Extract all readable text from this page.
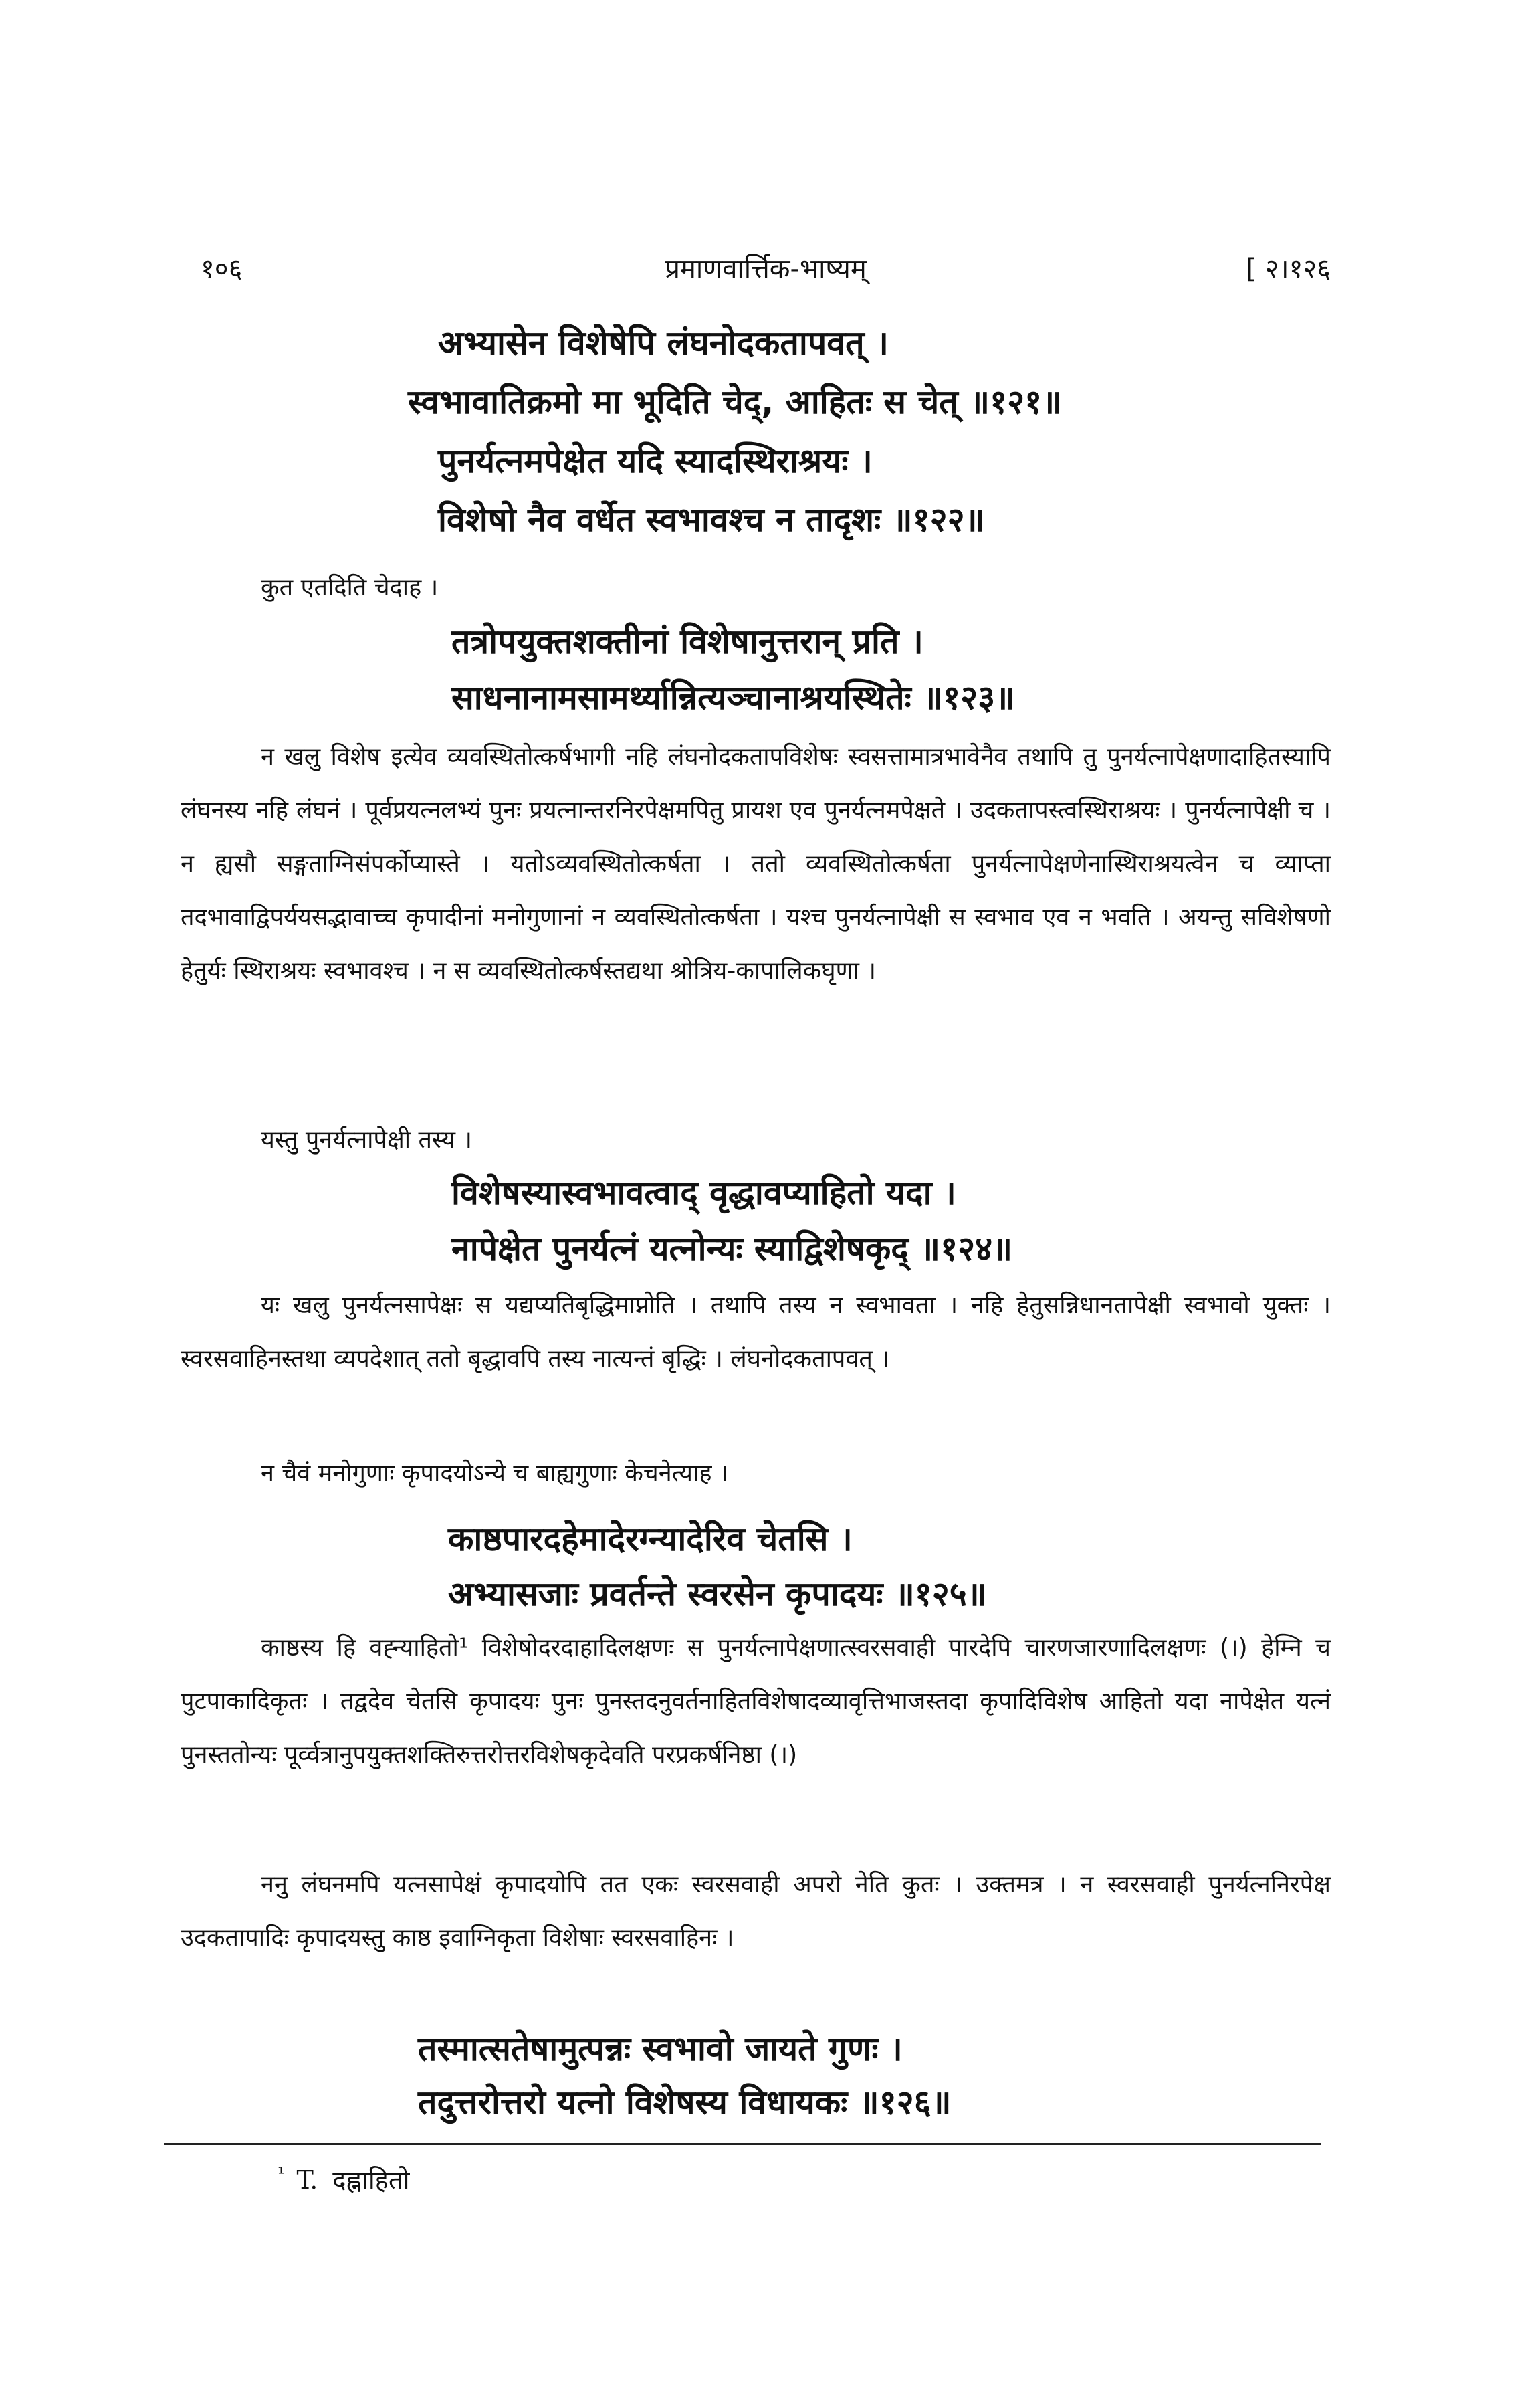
१०६	प्रमाणवार्त्तिक-भाष्यम्	[ २।१२६
अभ्यासेन विशेषेपि लंघनोदकतापवत् ।
स्वभावातिक्रमो मा भूदिति चेद्, आहितः स चेत् ॥१२१॥
पुनर्यत्नमपेक्षेत यदि स्यादस्थिराश्रयः ।
विशेषो नैव वर्धेत स्वभावश्च न तादृशः ॥१२२॥
कुत एतदिति चेदाह ।
तत्रोपयुक्तशक्तीनां विशेषानुत्तरान् प्रति ।
साधनानामसामर्थ्यान्नित्यञ्चानाश्रयस्थितेः ॥१२३॥
न खलु विशेष इत्येव व्यवस्थितोत्कर्षभागी नहि लंघनोदकतापविशेषः स्वसत्तामात्रभावेनैव तथापि तु पुनर्यत्नापेक्षणादाहितस्यापि लंघनस्य नहि लंघनं । पूर्वप्रयत्नलभ्यं पुनः प्रयत्नान्तरनिरपेक्षमपितु प्रायश एव पुनर्यत्नमपेक्षते । उदकतापस्त्वस्थिराश्रयः । पुनर्यत्नापेक्षी च । न ह्यसौ सङ्गताग्निसंपर्कोप्यास्ते । यतोऽव्यवस्थितोत्कर्षता । ततो व्यवस्थितोत्कर्षता पुनर्यत्नापेक्षणेनास्थिराश्रयत्वेन च व्याप्ता तदभावाद्विपर्ययसद्भावाच्च कृपादीनां मनोगुणानां न व्यवस्थितोत्कर्षता । यश्च पुनर्यत्नापेक्षी स स्वभाव एव न भवति । अयन्तु सविशेषणो हेतुर्यः स्थिराश्रयः स्वभावश्च । न स व्यवस्थितोत्कर्षस्तद्यथा श्रोत्रिय-कापालिकघृणा ।
यस्तु पुनर्यत्नापेक्षी तस्य ।
विशेषस्यास्वभावत्वाद् वृद्धावप्याहितो यदा ।
नापेक्षेत पुनर्यत्नं यत्नोन्यः स्याद्विशेषकृद् ॥१२४॥
यः खलु पुनर्यत्नसापेक्षः स यद्यप्यतिबृद्धिमाप्नोति । तथापि तस्य न स्वभावता । नहि हेतुसन्निधानतापेक्षी स्वभावो युक्तः । स्वरसवाहिनस्तथा व्यपदेशात् ततो बृद्धावपि तस्य नात्यन्तं बृद्धिः । लंघनोदकतापवत् ।
न चैवं मनोगुणाः कृपादयोऽन्ये च बाह्यगुणाः केचनेत्याह ।
काष्ठपारदहेमादेरग्न्यादेरिव चेतसि ।
अभ्यासजाः प्रवर्तन्ते स्वरसेन कृपादयः ॥१२५॥
काष्ठस्य हि वह्न्याहितो¹ विशेषोदरदाहादिलक्षणः स पुनर्यत्नापेक्षणात्स्वरसवाही पारदेपि चारणजारणादिलक्षणः (।) हेम्नि च पुटपाकादिकृतः । तद्वदेव चेतसि कृपादयः पुनः पुनस्तदनुवर्तनाहितविशेषादव्यावृत्तिभाजस्तदा कृपादिविशेष आहितो यदा नापेक्षेत यत्नं पुनस्ततोन्यः पूर्व्वत्रानुपयुक्तशक्तिरुत्तरोत्तरविशेषकृदेवति परप्रकर्षनिष्ठा (।)
ननु लंघनमपि यत्नसापेक्षं कृपादयोपि तत एकः स्वरसवाही अपरो नेति कुतः । उक्तमत्र । न स्वरसवाही पुनर्यत्ननिरपेक्ष उदकतापादिः कृपादयस्तु काष्ठ इवाग्निकृता विशेषाः स्वरसवाहिनः ।
तस्मात्सतेषामुत्पन्नः स्वभावो जायते गुणः ।
तदुत्तरोत्तरो यत्नो विशेषस्य विधायकः ॥१२६॥
$^{^1}$ T. दह्नाहितो
